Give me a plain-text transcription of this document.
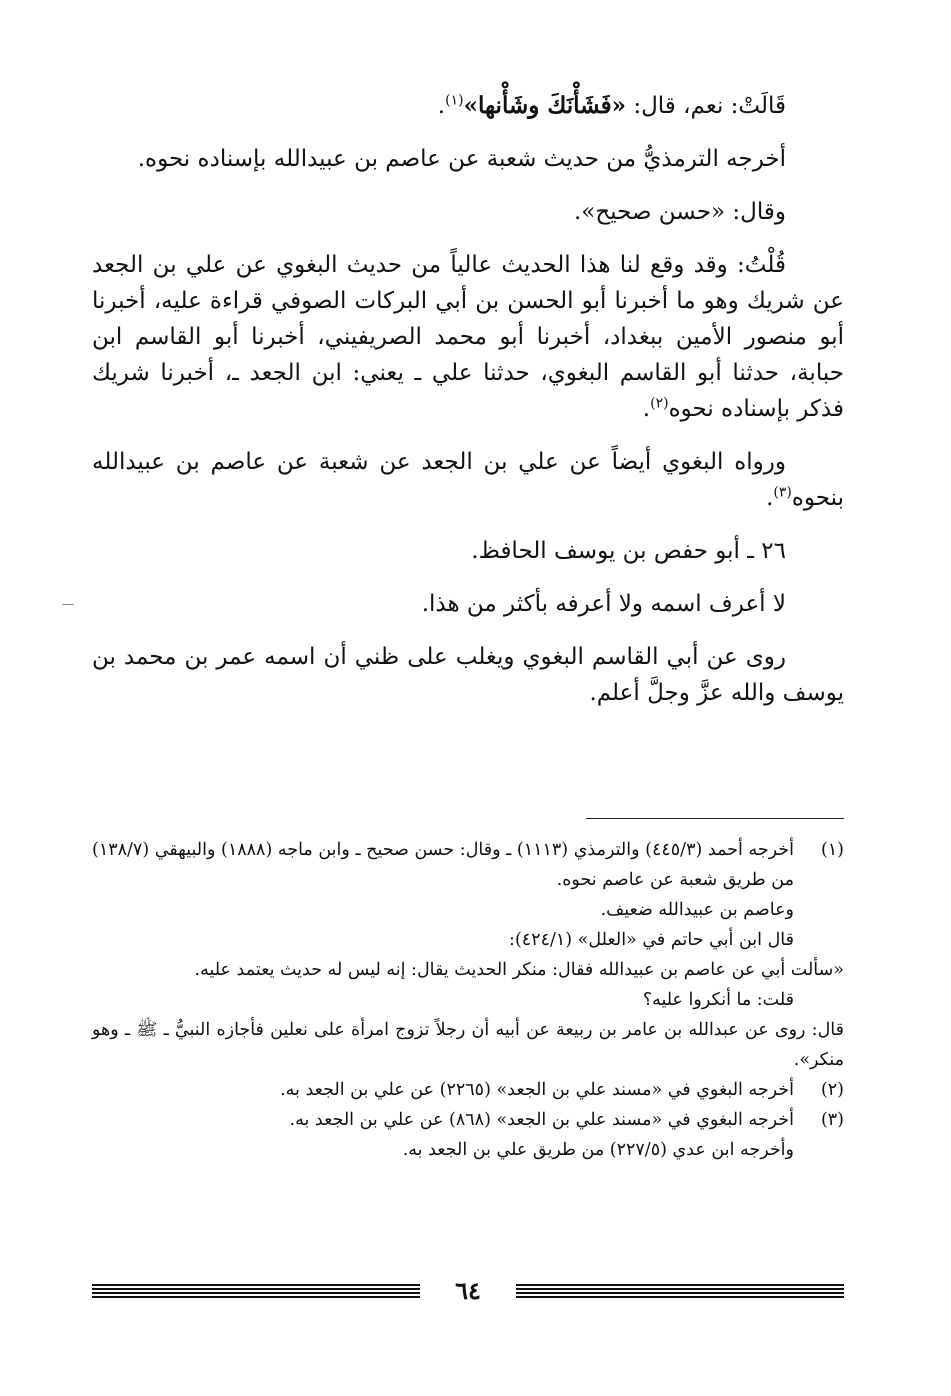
قَالَتْ: نعم، قال: «فَشَأْنَكَ وشَأْنها»$^{(١)}$.

أخرجه الترمذيُّ من حديث شعبة عن عاصم بن عبيدالله بإسناده نحوه.

وقال: «حسن صحيح».

قُلْتُ: وقد وقع لنا هذا الحديث عالياً من حديث البغوي عن علي بن الجعد عن شريك وهو ما أخبرنا أبو الحسن بن أبي البركات الصوفي قراءة عليه، أخبرنا أبو منصور الأمين ببغداد، أخبرنا أبو محمد الصريفيني، أخبرنا أبو القاسم ابن حبابة، حدثنا أبو القاسم البغوي، حدثنا علي ـ يعني: ابن الجعد ـ، أخبرنا شريك فذكر بإسناده نحوه$^{(٢)}$.

ورواه البغوي أيضاً عن علي بن الجعد عن شعبة عن عاصم بن عبيدالله بنحوه$^{(٣)}$.

٢٦ ـ أبو حفص بن يوسف الحافظ.

لا أعرف اسمه ولا أعرفه بأكثر من هذا.

روى عن أبي القاسم البغوي ويغلب على ظني أن اسمه عمر بن محمد بن يوسف والله عزَّ وجلَّ أعلم.

(١)
أخرجه أحمد (٤٤٥/٣) والترمذي (١١١٣) ـ وقال: حسن صحيح ـ وابن ماجه (١٨٨٨) والبيهقي (١٣٨/٧) من طريق شعبة عن عاصم نحوه.
وعاصم بن عبيدالله ضعيف.
قال ابن أبي حاتم في «العلل» (٤٢٤/١):
«سألت أبي عن عاصم بن عبيدالله فقال: منكر الحديث يقال: إنه ليس له حديث يعتمد عليه.
قلت: ما أنكروا عليه؟
قال: روى عن عبدالله بن عامر بن ربيعة عن أبيه أن رجلاً تزوج امرأة على نعلين فأجازه النبيُّ ـ ﷺ ـ وهو منكر».
(٢)
أخرجه البغوي في «مسند علي بن الجعد» (٢٢٦٥) عن علي بن الجعد به.
(٣)
أخرجه البغوي في «مسند علي بن الجعد» (٨٦٨) عن علي بن الجعد به.
وأخرجه ابن عدي (٢٢٧/٥) من طريق علي بن الجعد به.
٦٤
